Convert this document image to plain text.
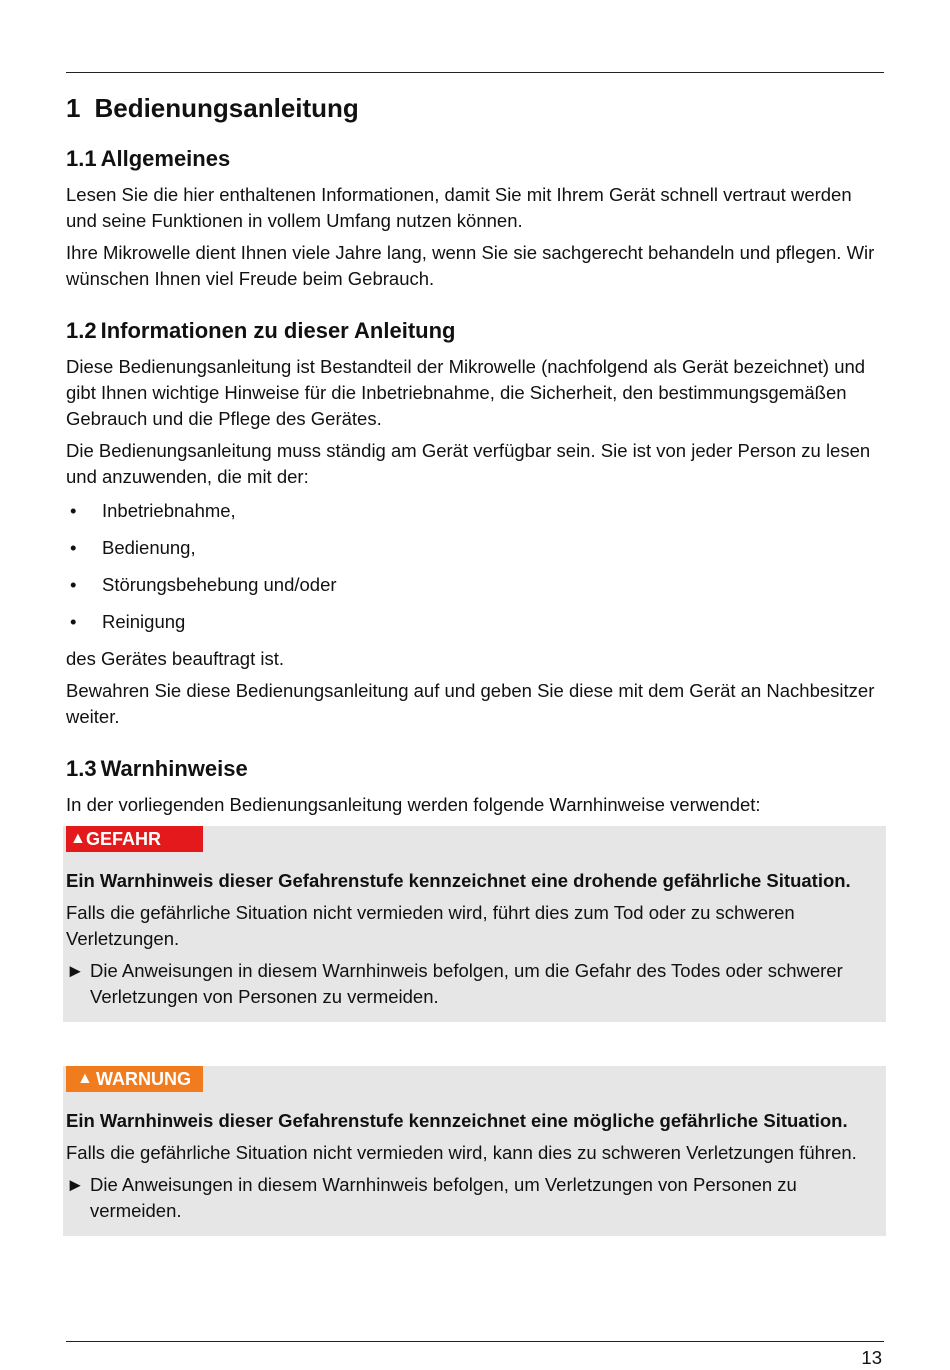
1 Bedienungsanleitung
1.1 Allgemeines

Lesen Sie die hier enthaltenen Informationen, damit Sie mit Ihrem Gerät schnell vertraut werden und seine Funktionen in vollem Umfang nutzen können.

Ihre Mikrowelle dient Ihnen viele Jahre lang, wenn Sie sie sachgerecht behandeln und pflegen. Wir wünschen Ihnen viel Freude beim Gebrauch.

1.2 Informationen zu dieser Anleitung

Diese Bedienungsanleitung ist Bestandteil der Mikrowelle (nachfolgend als Gerät bezeichnet) und gibt Ihnen wichtige Hinweise für die Inbetriebnahme, die Sicherheit, den bestimmungsgemäßen Gebrauch und die Pflege des Gerätes.

Die Bedienungsanleitung muss ständig am Gerät verfügbar sein. Sie ist von jeder Person zu lesen und anzuwenden, die mit der:

• Inbetriebnahme,
• Bedienung,
• Störungsbehebung und/oder
• Reinigung

des Gerätes beauftragt ist.

Bewahren Sie diese Bedienungsanleitung auf und geben Sie diese mit dem Gerät an Nachbesitzer weiter.

1.3 Warnhinweise

In der vorliegenden Bedienungsanleitung werden folgende Warnhinweise verwendet:

▲ GEFAHR

Ein Warnhinweis dieser Gefahrenstufe kennzeichnet eine drohende gefährliche Situation.

Falls die gefährliche Situation nicht vermieden wird, führt dies zum Tod oder zu schweren Verletzungen.

► Die Anweisungen in diesem Warnhinweis befolgen, um die Gefahr des Todes oder schwerer Verletzungen von Personen zu vermeiden.
▲ WARNUNG

Ein Warnhinweis dieser Gefahrenstufe kennzeichnet eine mögliche gefährliche Situation.

Falls die gefährliche Situation nicht vermieden wird, kann dies zu schweren Verletzungen führen.

► Die Anweisungen in diesem Warnhinweis befolgen, um Verletzungen von Personen zu vermeiden.
13
